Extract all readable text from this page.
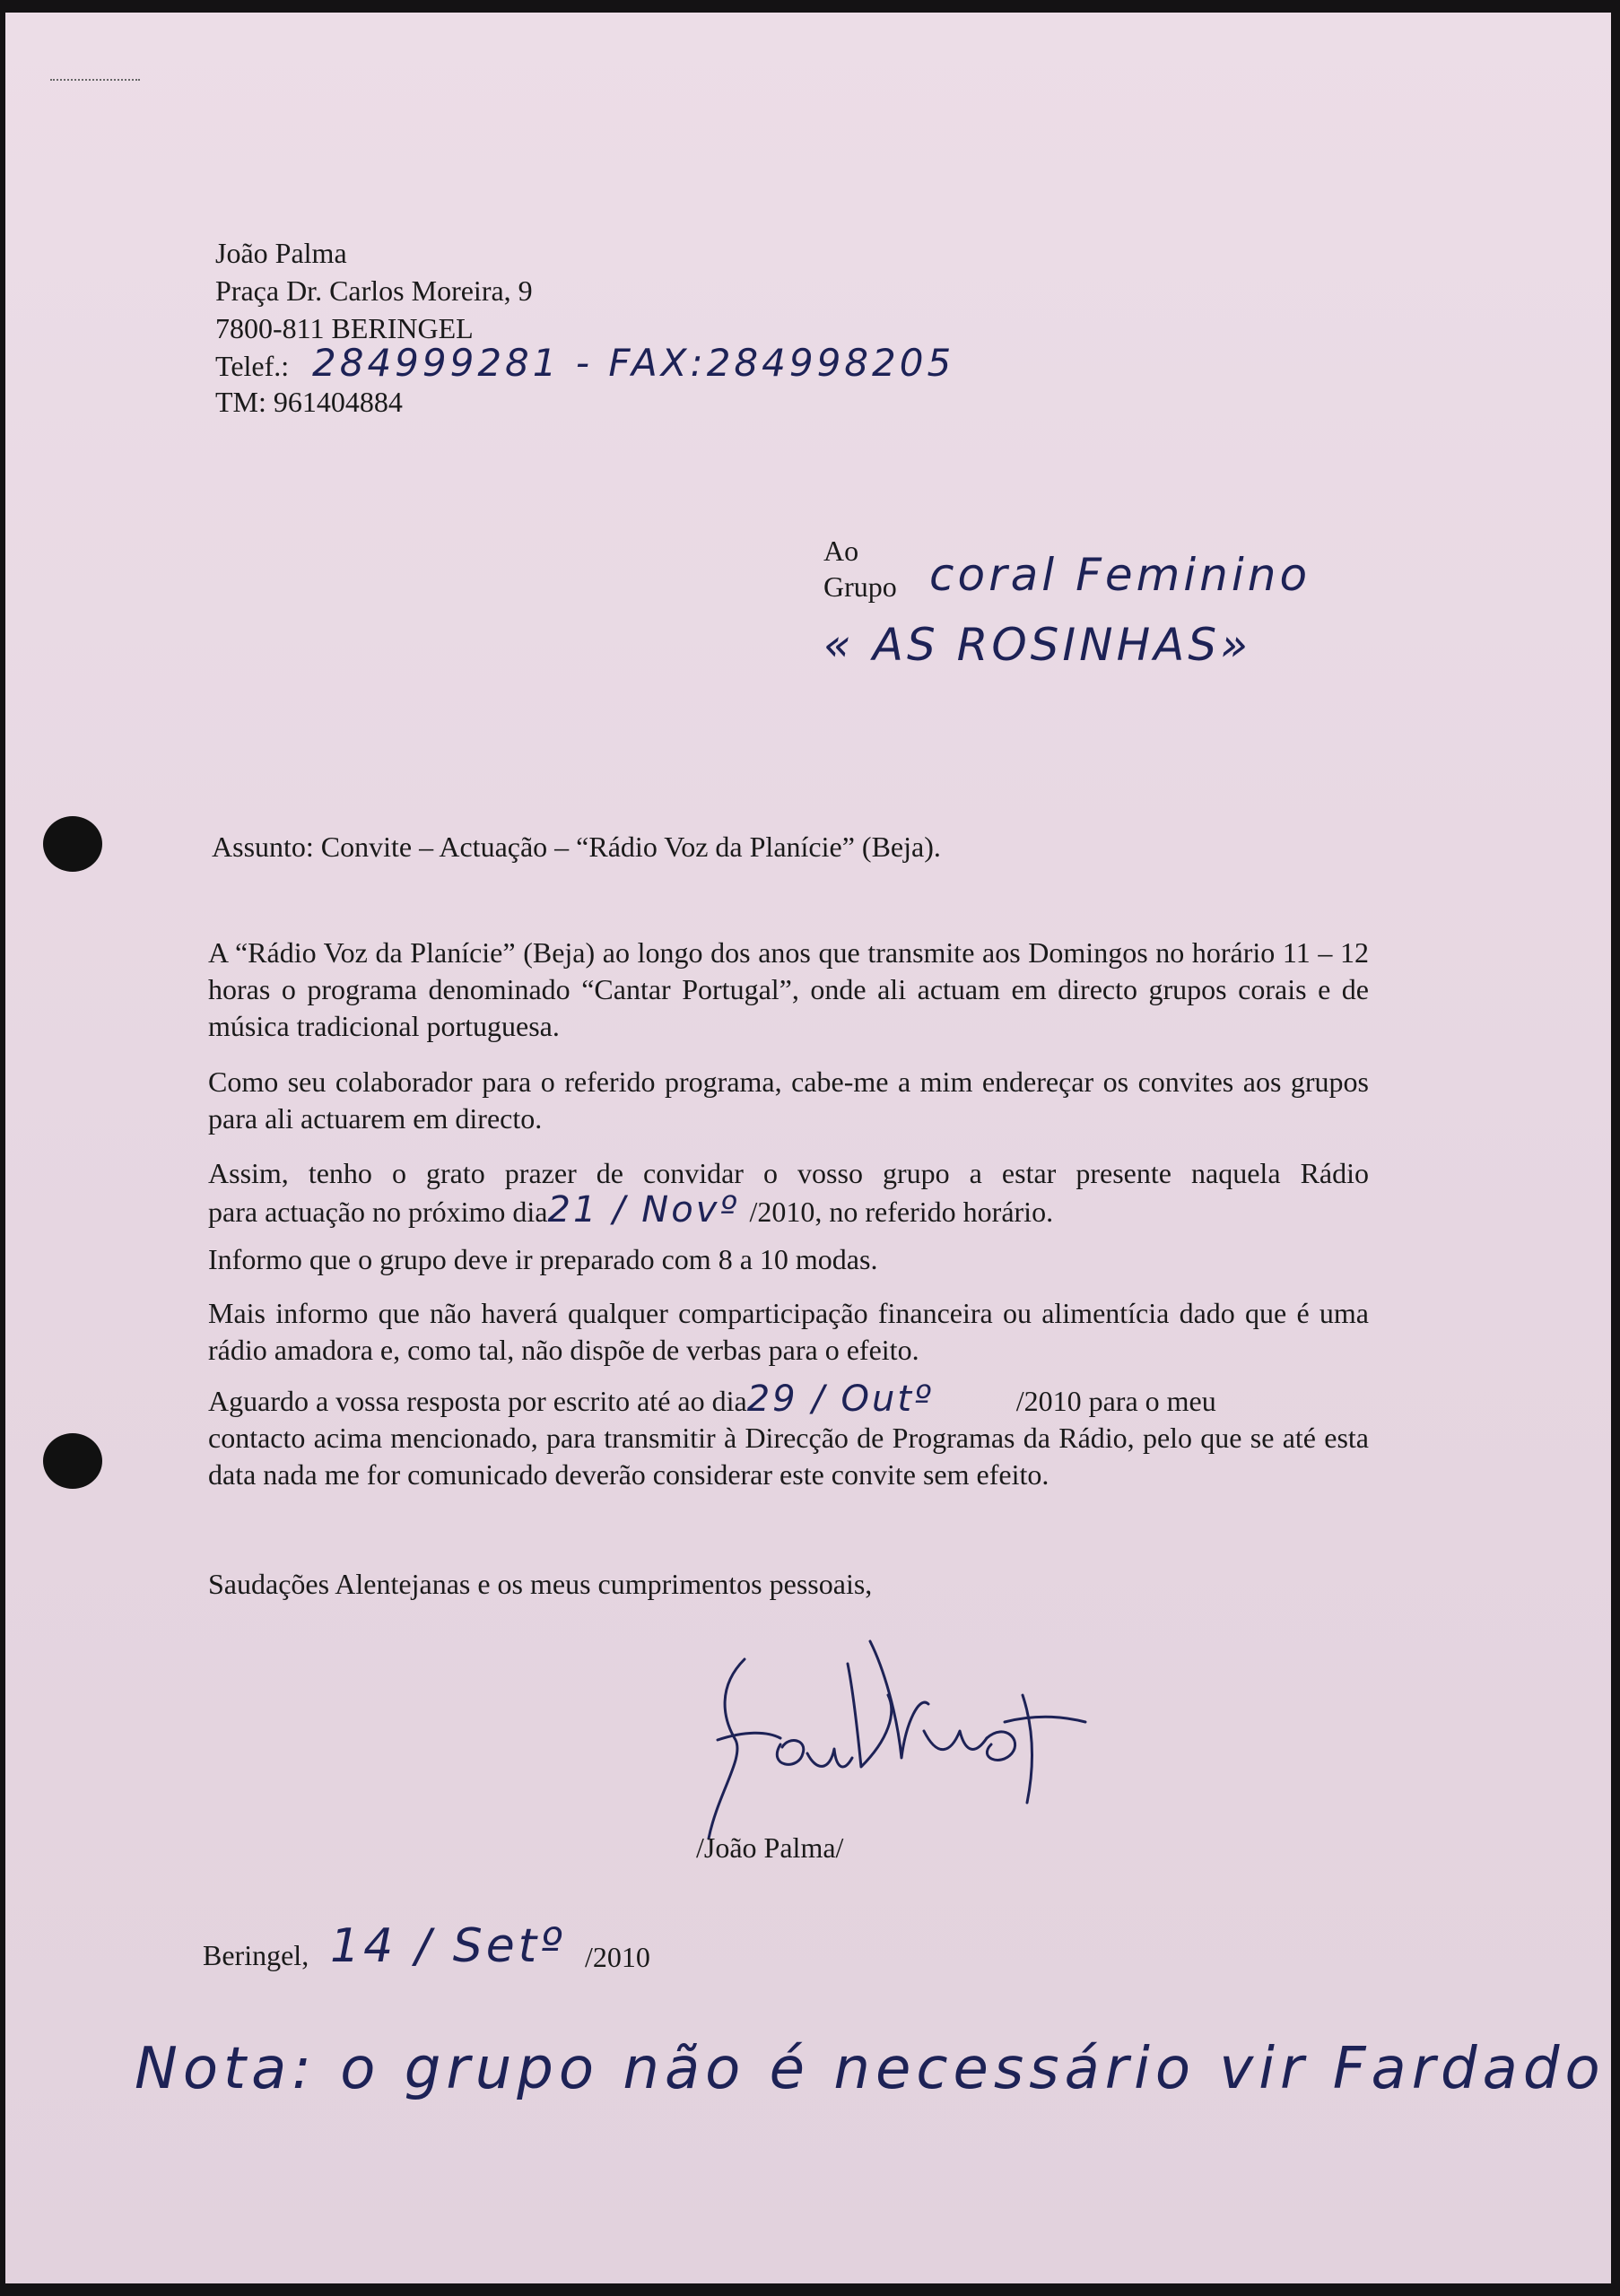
João Palma
Praça Dr. Carlos Moreira, 9
7800-811 BERINGEL
Telef.: 284999281 - FAX:284998205
TM: 961404884
Ao
Grupo coral Feminino
« AS ROSINHAS»
Assunto: Convite – Actuação – “Rádio Voz da Planície” (Beja).
A “Rádio Voz da Planície” (Beja) ao longo dos anos que transmite aos Domingos no horário 11 – 12 horas o programa denominado “Cantar Portugal”, onde ali actuam em directo grupos corais e de música tradicional portuguesa.
Como seu colaborador para o referido programa, cabe-me a mim endereçar os convites aos grupos para ali actuarem em directo.
Assim, tenho o grato prazer de convidar o vosso grupo a estar presente naquela Rádio
para actuação no próximo dia21 / Novº /2010, no referido horário.
Informo que o grupo deve ir preparado com 8 a 10 modas.
Mais informo que não haverá qualquer comparticipação financeira ou alimentícia dado que é uma rádio amadora e, como tal, não dispõe de verbas para o efeito.
Aguardo a vossa resposta por escrito até ao dia29 / Outº	/2010 para o meu
contacto acima mencionado, para transmitir à Direcção de Programas da Rádio, pelo que se até esta data nada me for comunicado deverão considerar este convite sem efeito.
Saudações Alentejanas e os meus cumprimentos pessoais,
/João Palma/
Beringel, 14 / Setº /2010
Nota: o grupo não é necessário vir Fardado
